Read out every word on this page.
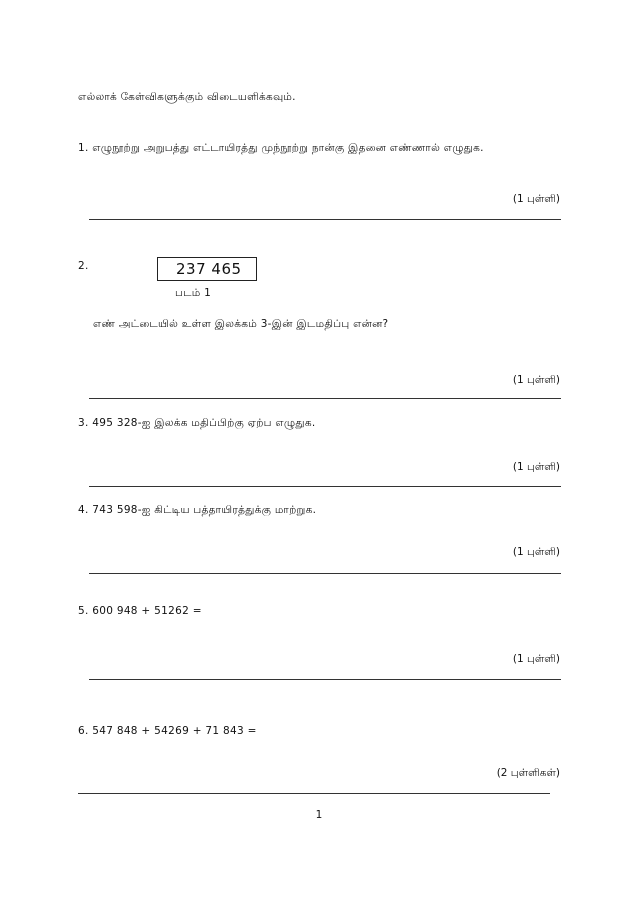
எல்லாக் கேள்விகளுக்கும் விடையளிக்கவும்.
1. எழுநூற்று அறுபத்து எட்டாயிரத்து முந்நூற்று நான்கு இதனை எண்ணால் எழுதுக.
(1 புள்ளி)
2.	237 465
படம் 1
எண் அட்டையில் உள்ள இலக்கம் 3-இன் இடமதிப்பு என்ன?
(1 புள்ளி)
3. 495 328-ஐ இலக்க மதிப்பிற்கு ஏற்ப எழுதுக.
(1 புள்ளி)
4. 743 598-ஐ கிட்டிய பத்தாயிரத்துக்கு மாற்றுக.
(1 புள்ளி)
5. 600 948 + 51262 =
(1 புள்ளி)
6. 547 848 + 54269 + 71 843 =
(2 புள்ளிகள்)
1
